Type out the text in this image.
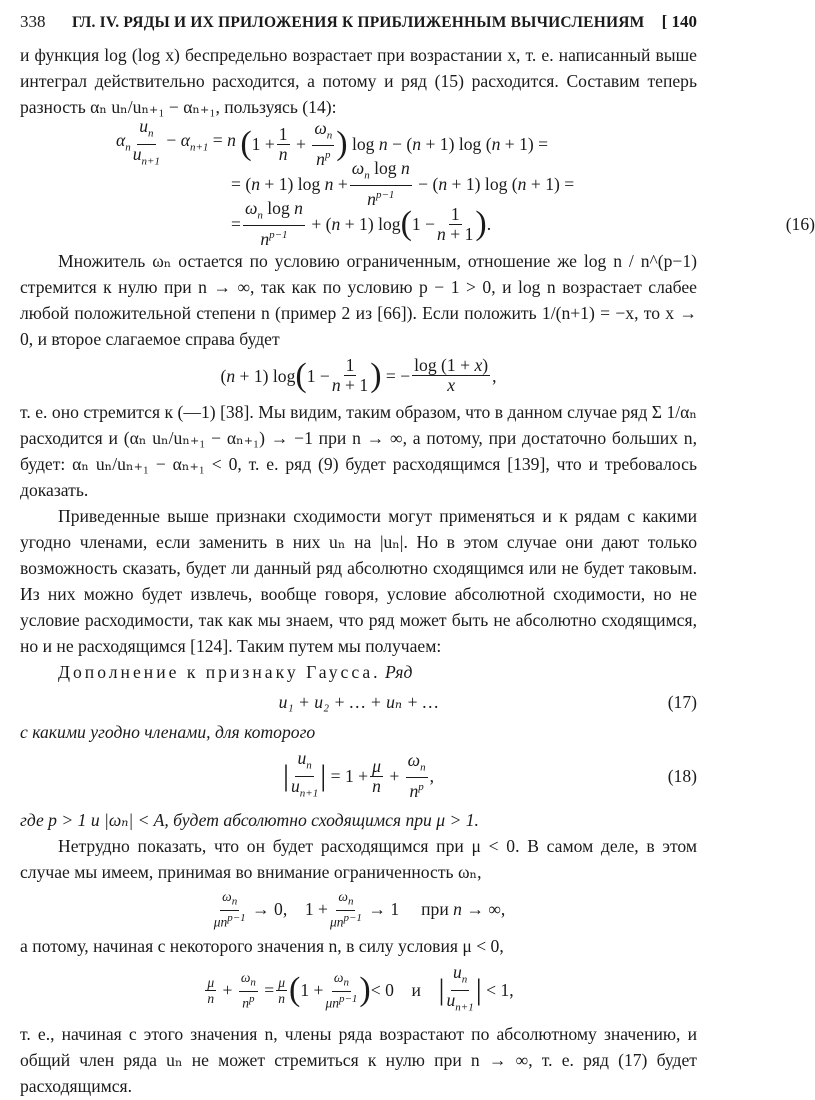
338	ГЛ. IV. РЯДЫ И ИХ ПРИЛОЖЕНИЯ К ПРИБЛИЖЕННЫМ ВЫЧИСЛЕНИЯМ	[ 140

и функция log (log x) беспредельно возрастает при возрастании x, т. е. написанный выше интеграл действительно расходится, а потому и ряд (15) расходится. Составим теперь разность αₙ uₙ/uₙ₊₁ − αₙ₊₁, пользуясь (14):

$\alpha_n \frac{u_n}{u_{n+1}} - \alpha_{n+1} = n$ ( $1 + \frac{1}{n} + \frac{\omega_n}{n^p}$ ) log n − (n + 1) log (n + 1) =
= (n + 1) $\log n + \frac{\omega_n \log n}{n^{p-1}} - (n + 1)$ log (n + 1) =
= $\frac{\omega_n \log n}{n^{p-1}} + (n + 1)$ log ( $1 - \frac{1}{n + 1}$ ) .	(16)

Множитель ωₙ остается по условию ограниченным, отношение же log n / n^(p−1) стремится к нулю при n → ∞, так как по условию p − 1 > 0, и log n возрастает слабее любой положительной степени n (пример 2 из [66]). Если положить 1/(n+1) = −x, то x → 0, и второе слагаемое справа будет

(n + 1) log ( $1 - \frac{1}{n + 1}$ ) = − $\frac{\log (1 + x)}{x}$ ,

т. е. оно стремится к (—1) [38]. Мы видим, таким образом, что в данном случае ряд Σ 1/αₙ расходится и (αₙ uₙ/uₙ₊₁ − αₙ₊₁) → −1 при n → ∞, а потому, при достаточно больших n, будет: αₙ uₙ/uₙ₊₁ − αₙ₊₁ < 0, т. е. ряд (9) будет расходящимся [139], что и требовалось доказать.

Приведенные выше признаки сходимости могут применяться и к рядам с какими угодно членами, если заменить в них uₙ на |uₙ|. Но в этом случае они дают только возможность сказать, будет ли данный ряд абсолютно сходящимся или не будет таковым. Из них можно будет извлечь, вообще говоря, условие абсолютной сходимости, но не условие расходимости, так как мы знаем, что ряд может быть не абсолютно сходящимся, но и не расходящимся [124]. Таким путем мы получаем:

Дополнение к признаку Гаусса. Ряд

u₁ + u₂ + … + uₙ + …	(17)

с какими угодно членами, для которого

| $\frac{u_n}{u_{n+1}}$ | = $1 + \frac{\mu}{n} + \frac{\omega_n}{n^p}$ ,	(18)

где p > 1 и |ωₙ| < A, будет абсолютно сходящимся при μ > 1.

Нетрудно показать, что он будет расходящимся при μ < 0. В самом деле, в этом случае мы имеем, принимая во внимание ограниченность ωₙ,

$\frac{\omega_n}{\mu n^{p-1}} \to 0$,    $1 + \frac{\omega_n}{\mu n^{p-1}} \to 1$     при n → ∞,

а потому, начиная с некоторого значения n, в силу условия μ < 0,

$\frac{\mu}{n} + \frac{\omega_n}{n^p} = \frac{\mu}{n}$ ( $1 + \frac{\omega_n}{\mu n^{p-1}}$ ) < 0    и | $\frac{u_n}{u_{n+1}}$ | < 1,

т. е., начиная с этого значения n, члены ряда возрастают по абсолютному значению, и общий член ряда uₙ не может стремиться к нулю при n → ∞, т. е. ряд (17) будет расходящимся.
